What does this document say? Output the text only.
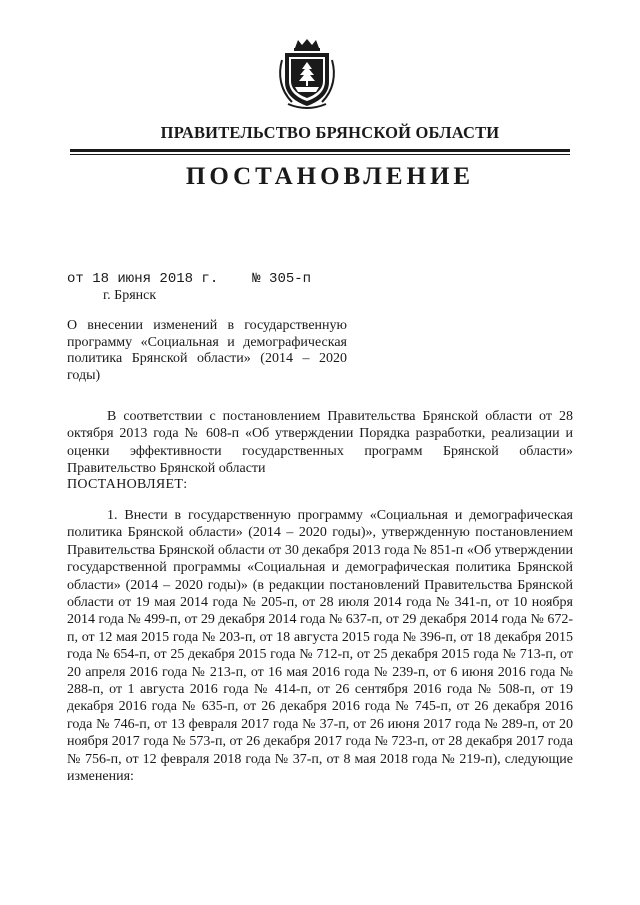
ПРАВИТЕЛЬСТВО БРЯНСКОЙ ОБЛАСТИ
ПОСТАНОВЛЕНИЕ
от 18 июня 2018 г. № 305-п
г. Брянск
О внесении изменений в государственную программу «Социальная и демографическая политика Брянской области» (2014 – 2020 годы)
В соответствии с постановлением Правительства Брянской области от 28 октября 2013 года № 608-п «Об утверждении Порядка разработки, реализации и оценки эффективности государственных программ Брянской области» Правительство Брянской области
ПОСТАНОВЛЯЕТ:
1. Внести в государственную программу «Социальная и демографическая политика Брянской области» (2014 – 2020 годы)», утвержденную постановлением Правительства Брянской области от 30 декабря 2013 года № 851-п «Об утверждении государственной программы «Социальная и демографическая политика Брянской области» (2014 – 2020 годы)» (в редакции постановлений Правительства Брянской области от 19 мая 2014 года № 205-п, от 28 июля 2014 года № 341-п, от 10 ноября 2014 года № 499-п, от 29 декабря 2014 года № 637-п, от 29 декабря 2014 года № 672-п, от 12 мая 2015 года № 203-п, от 18 августа 2015 года № 396-п, от 18 декабря 2015 года № 654-п, от 25 декабря 2015 года № 712-п, от 25 декабря 2015 года № 713-п, от 20 апреля 2016 года № 213-п, от 16 мая 2016 года № 239-п, от 6 июня 2016 года № 288-п, от 1 августа 2016 года № 414-п, от 26 сентября 2016 года № 508-п, от 19 декабря 2016 года № 635-п, от 26 декабря 2016 года № 745-п, от 26 декабря 2016 года № 746-п, от 13 февраля 2017 года № 37-п, от 26 июня 2017 года № 289-п, от 20 ноября 2017 года № 573-п, от 26 декабря 2017 года № 723-п, от 28 декабря 2017 года № 756-п, от 12 февраля 2018 года № 37-п, от 8 мая 2018 года № 219-п), следующие изменения:
